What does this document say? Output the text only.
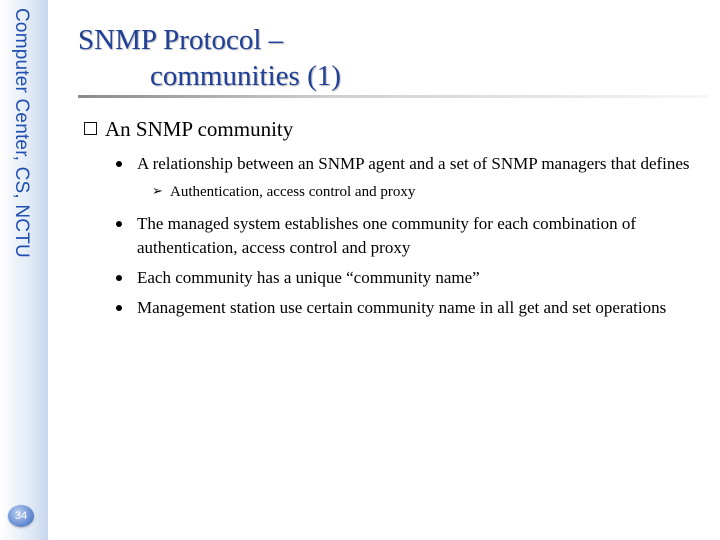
Computer Center, CS, NCTU
34
SNMP Protocol –
communities (1)
An SNMP community
A relationship between an SNMP agent and a set of SNMP managers that defines
➢ Authentication, access control and proxy
The managed system establishes one community for each combination of authentication, access control and proxy
Each community has a unique “community name”
Management station use certain community name in all get and set operations
